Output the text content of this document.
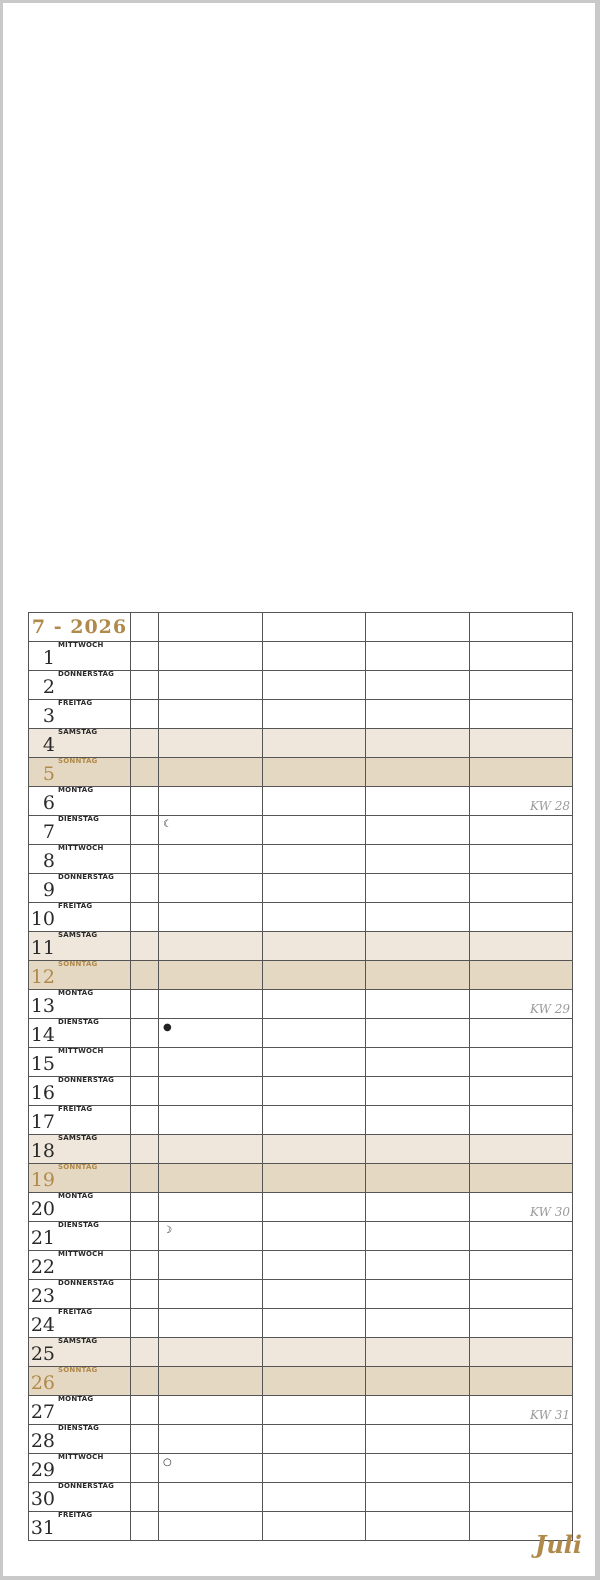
7 - 2026					
$1^{MITTWOCH}$					
$2^{DONNERSTAG}$					
$3^{FREITAG}$					
$4^{SAMSTAG}$					
$5^{SONNTAG}$					
$6^{MONTAG}$					KW 28

$7^{DIENSTAG}$		☾			

$8^{MITTWOCH}$					
$9^{DONNERSTAG}$					
$10^{FREITAG}$					
$11^{SAMSTAG}$					
$12^{SONNTAG}$					
$13^{MONTAG}$					KW 29

$14^{DIENSTAG}$		●			

$15^{MITTWOCH}$					
$16^{DONNERSTAG}$					
$17^{FREITAG}$					
$18^{SAMSTAG}$					
$19^{SONNTAG}$					
$20^{MONTAG}$					KW 30

$21^{DIENSTAG}$		☽			

$22^{MITTWOCH}$					
$23^{DONNERSTAG}$					
$24^{FREITAG}$					
$25^{SAMSTAG}$					
$26^{SONNTAG}$					
$27^{MONTAG}$					KW 31

$28^{DIENSTAG}$					
$29^{MITTWOCH}$		○			

$30^{DONNERSTAG}$					
$31^{FREITAG}$					
Juli
